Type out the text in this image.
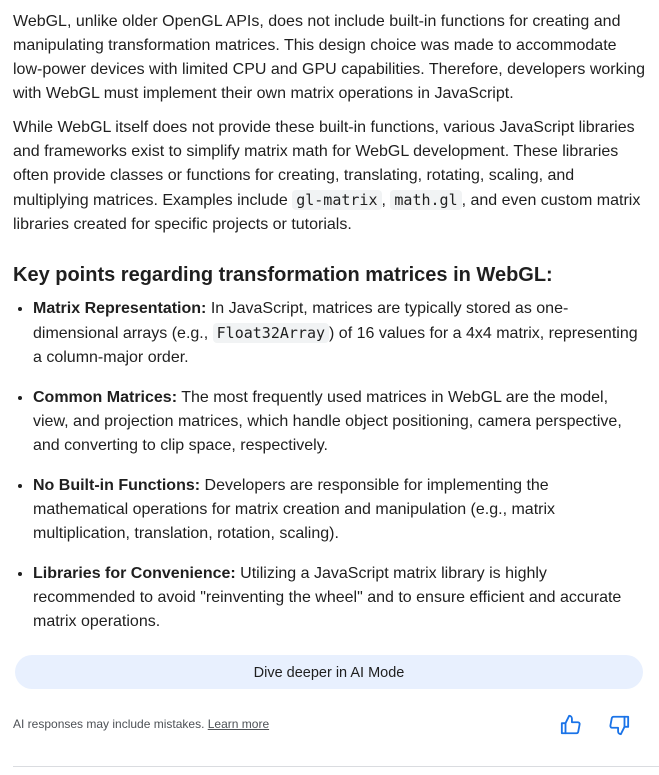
WebGL, unlike older OpenGL APIs, does not include built-in functions for creating and manipulating transformation matrices. This design choice was made to accommodate low-power devices with limited CPU and GPU capabilities. Therefore, developers working with WebGL must implement their own matrix operations in JavaScript.

While WebGL itself does not provide these built-in functions, various JavaScript libraries and frameworks exist to simplify matrix math for WebGL development. These libraries often provide classes or functions for creating, translating, rotating, scaling, and multiplying matrices. Examples include gl-matrix , math.gl , and even custom matrix libraries created for specific projects or tutorials.

Key points regarding transformation matrices in WebGL:
• Matrix Representation: In JavaScript, matrices are typically stored as one-dimensional arrays (e.g., Float32Array ) of 16 values for a 4x4 matrix, representing a column-major order.
• Common Matrices: The most frequently used matrices in WebGL are the model, view, and projection matrices, which handle object positioning, camera perspective, and converting to clip space, respectively.
• No Built-in Functions: Developers are responsible for implementing the mathematical operations for matrix creation and manipulation (e.g., matrix multiplication, translation, rotation, scaling).
• Libraries for Convenience: Utilizing a JavaScript matrix library is highly recommended to avoid "reinventing the wheel" and to ensure efficient and accurate matrix operations.
Dive deeper in AI Mode
AI responses may include mistakes. Learn more
